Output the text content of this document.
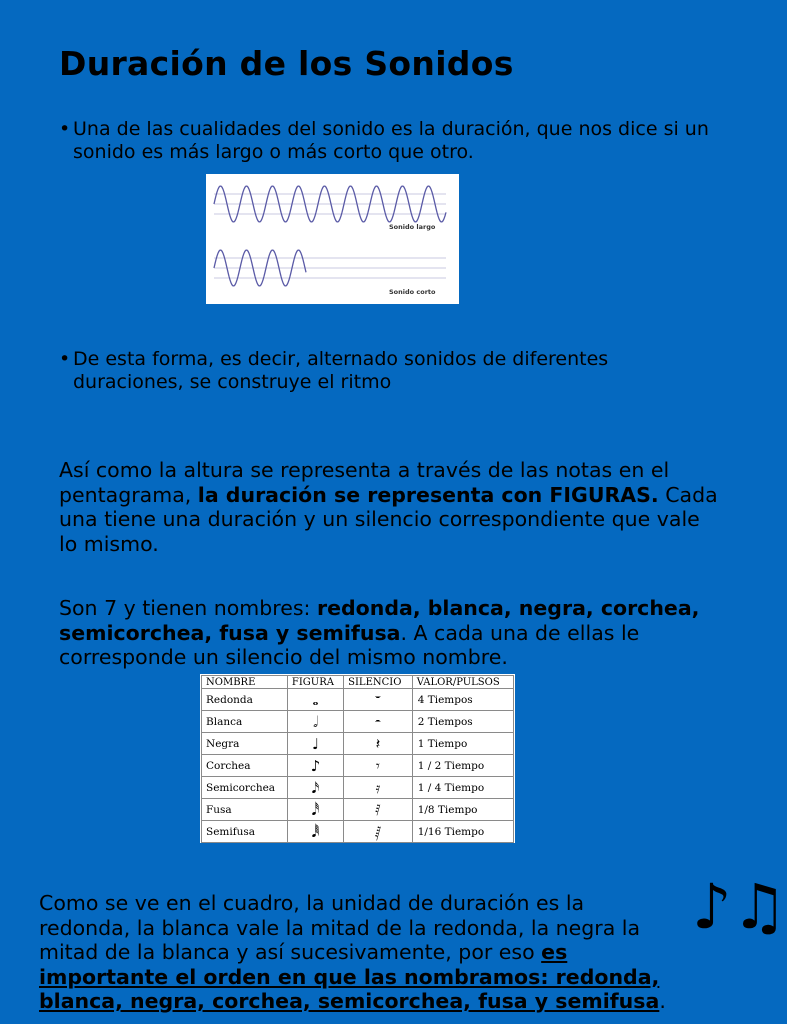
Duración de los Sonidos
• Una de las cualidades del sonido es la duración, que nos dice si un sonido es más largo o más corto que otro.
Sonido largo
Sonido corto
• De esta forma, es decir, alternado sonidos de diferentes duraciones, se construye el ritmo
Así como la altura se representa a través de las notas en el pentagrama, la duración se representa con FIGURAS. Cada una tiene una duración y un silencio correspondiente que vale lo mismo.
Son 7 y tienen nombres: redonda, blanca, negra, corchea, semicorchea, fusa y semifusa. A cada una de ellas le corresponde un silencio del mismo nombre.
NOMBRE	FIGURA	SILENCIO	VALOR/PULSOS
Redonda	𝅝	𝄻	4 Tiempos
Blanca	𝅗𝅥	𝄼	2 Tiempos
Negra	♩	𝄽	1 Tiempo
Corchea	♪	𝄾	1 / 2 Tiempo
Semicorchea	𝅘𝅥𝅯	𝄿	1 / 4 Tiempo
Fusa	𝅘𝅥𝅰	𝅀	1/8 Tiempo
Semifusa	𝅘𝅥𝅱	𝅁	1/16 Tiempo
Como se ve en el cuadro, la unidad de duración es la redonda, la blanca vale la mitad de la redonda, la negra la mitad de la blanca y así sucesivamente, por eso es importante el orden en que las nombramos: redonda, blanca, negra, corchea, semicorchea, fusa y semifusa.
♪♫
